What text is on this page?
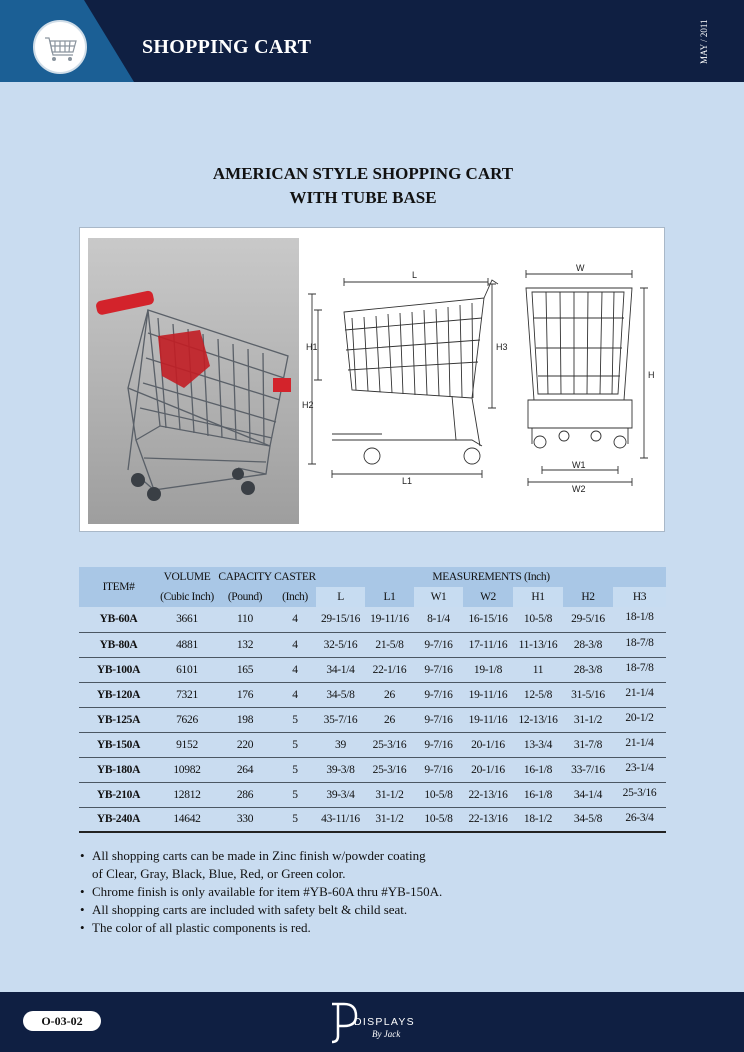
SHOPPING CART	MAY / 2011
AMERICAN STYLE SHOPPING CART
WITH TUBE BASE
L
L1
H1
H2
H3
W
H
W1
W2
ITEM#	VOLUME	CAPACITY	CASTER	MEASUREMENTS (Inch)						
	(Cubic Inch)	(Pound)	(Inch)	L	L1	W1	W2	H1	H2	H3
YB-60A	3661	110	4	29-15/16	19-11/16	8-1/4	16-15/16	10-5/8	29-5/16	18-1/8
YB-80A	4881	132	4	32-5/16	21-5/8	9-7/16	17-11/16	11-13/16	28-3/8	18-7/8
YB-100A	6101	165	4	34-1/4	22-1/16	9-7/16	19-1/8	11	28-3/8	18-7/8
YB-120A	7321	176	4	34-5/8	26	9-7/16	19-11/16	12-5/8	31-5/16	21-1/4
YB-125A	7626	198	5	35-7/16	26	9-7/16	19-11/16	12-13/16	31-1/2	20-1/2
YB-150A	9152	220	5	39	25-3/16	9-7/16	20-1/16	13-3/4	31-7/8	21-1/4
YB-180A	10982	264	5	39-3/8	25-3/16	9-7/16	20-1/16	16-1/8	33-7/16	23-1/4
YB-210A	12812	286	5	39-3/4	31-1/2	10-5/8	22-13/16	16-1/8	34-1/4	25-3/16
YB-240A	14642	330	5	43-11/16	31-1/2	10-5/8	22-13/16	18-1/2	34-5/8	26-3/4
• All shopping carts can be made in Zinc finish w/powder coating
of Clear, Gray, Black, Blue, Red, or Green color.
• Chrome finish is only available for item #YB-60A thru #YB-150A.
• All shopping carts are included with safety belt & child seat.
• The color of all plastic components is red.
O-03-02	DISPLAYS
By Jack
